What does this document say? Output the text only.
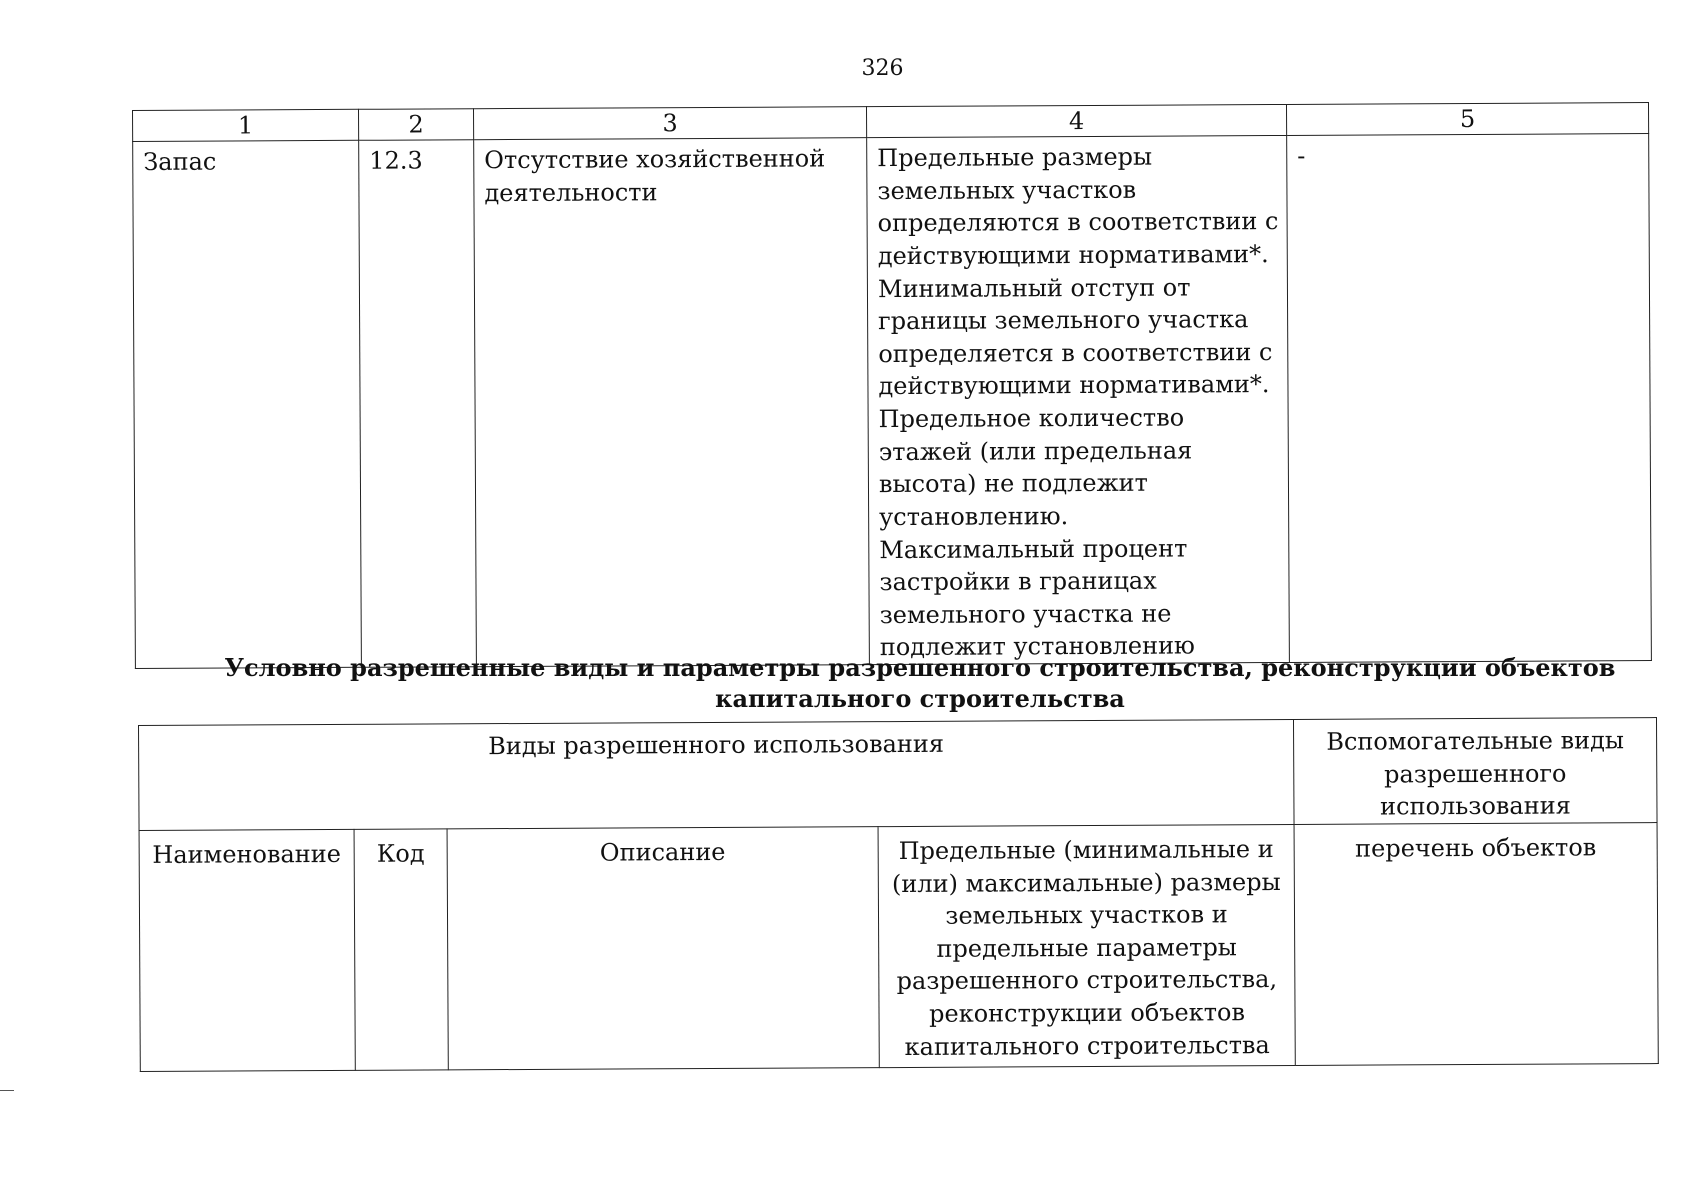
326
1	2	3	4	5
Запас	12.3	Отсутствие хозяйственной деятельности	Предельные размеры земельных участков определяются в соответствии с действующими нормативами*.
Минимальный отступ от границы земельного участка определяется в соответствии с действующими нормативами*.
Предельное количество этажей (или предельная высота) не подлежит установлению.
Максимальный процент застройки в границах земельного участка не подлежит установлению	-
Условно разрешенные виды и параметры разрешенного строительства, реконструкции объектов капитального строительства
Виды разрешенного использования				Вспомогательные виды разрешенного использования
Наименование	Код	Описание	Предельные (минимальные и (или) максимальные) размеры земельных участков и предельные параметры разрешенного строительства, реконструкции объектов капитального строительства	перечень объектов
